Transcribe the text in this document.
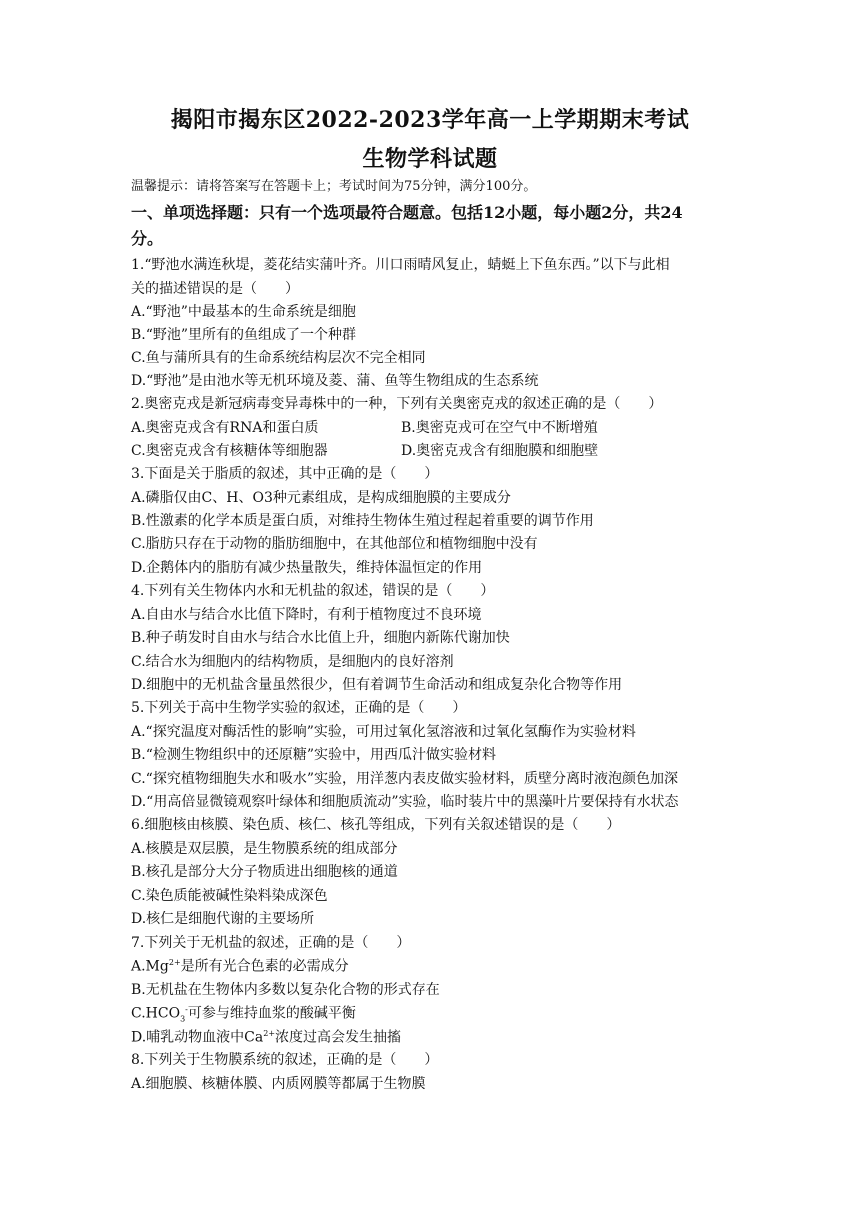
揭阳市揭东区2022-2023学年高一上学期期末考试
生物学科试题
温馨提示：请将答案写在答题卡上；考试时间为75分钟，满分100分。
一、单项选择题：只有一个选项最符合题意。包括12小题，每小题2分，共24
分。
1.“野池水满连秋堤，菱花结实蒲叶齐。川口雨晴风复止，蜻蜓上下鱼东西。”以下与此相
关的描述错误的是（　　）
A.“野池”中最基本的生命系统是细胞
B.“野池”里所有的鱼组成了一个种群
C.鱼与蒲所具有的生命系统结构层次不完全相同
D.“野池”是由池水等无机环境及菱、蒲、鱼等生物组成的生态系统
2.奥密克戎是新冠病毒变异毒株中的一种，下列有关奥密克戎的叙述正确的是（　　）
A.奥密克戎含有RNA和蛋白质	B.奥密克戎可在空气中不断增殖
C.奥密克戎含有核糖体等细胞器	D.奥密克戎含有细胞膜和细胞壁
3.下面是关于脂质的叙述，其中正确的是（　　）
A.磷脂仅由C、H、O3种元素组成，是构成细胞膜的主要成分
B.性激素的化学本质是蛋白质，对维持生物体生殖过程起着重要的调节作用
C.脂肪只存在于动物的脂肪细胞中，在其他部位和植物细胞中没有
D.企鹅体内的脂肪有减少热量散失，维持体温恒定的作用
4.下列有关生物体内水和无机盐的叙述，错误的是（　　）
A.自由水与结合水比值下降时，有利于植物度过不良环境
B.种子萌发时自由水与结合水比值上升，细胞内新陈代谢加快
C.结合水为细胞内的结构物质，是细胞内的良好溶剂
D.细胞中的无机盐含量虽然很少，但有着调节生命活动和组成复杂化合物等作用
5.下列关于高中生物学实验的叙述，正确的是（　　）
A.“探究温度对酶活性的影响”实验，可用过氧化氢溶液和过氧化氢酶作为实验材料
B.“检测生物组织中的还原糖”实验中，用西瓜汁做实验材料
C.“探究植物细胞失水和吸水”实验，用洋葱内表皮做实验材料，质壁分离时液泡颜色加深
D.“用高倍显微镜观察叶绿体和细胞质流动”实验，临时装片中的黑藻叶片要保持有水状态
6.细胞核由核膜、染色质、核仁、核孔等组成，下列有关叙述错误的是（　　）
A.核膜是双层膜，是生物膜系统的组成部分
B.核孔是部分大分子物质进出细胞核的通道
C.染色质能被碱性染料染成深色
D.核仁是细胞代谢的主要场所
7.下列关于无机盐的叙述，正确的是（　　）
$A.Mg^{2+}$是所有光合色素的必需成分
B.无机盐在生物体内多数以复杂化合物的形式存在
$C.HCO_3^-$可参与维持血浆的酸碱平衡
D.哺乳动物血液中$Ca^{2+}$浓度过高会发生抽搐
8.下列关于生物膜系统的叙述，正确的是（　　）
A.细胞膜、核糖体膜、内质网膜等都属于生物膜
